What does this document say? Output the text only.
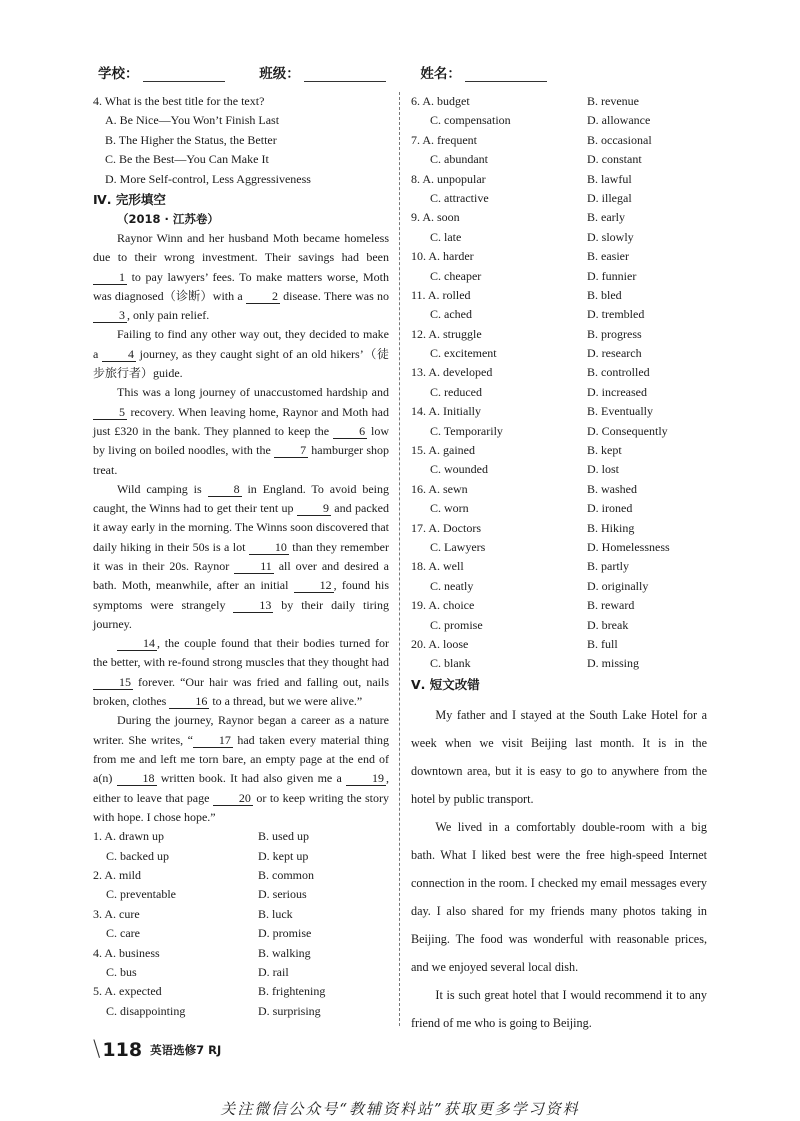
学校：	班级：	姓名：
4. What is the best title for the text?
A. Be Nice—You Won’t Finish Last
B. The Higher the Status, the Better
C. Be the Best—You Can Make It
D. More Self-control, Less Aggressiveness
Ⅳ. 完形填空
（2018 · 江苏卷）

Raynor Winn and her husband Moth became homeless due to their wrong investment. Their savings had been 1 to pay lawyers’ fees. To make matters worse, Moth was diagnosed（诊断）with a 2 disease. There was no 3 , only pain relief.

Failing to find any other way out, they decided to make a 4 journey, as they caught sight of an old hikers’（徒步旅行者）guide.

This was a long journey of unaccustomed hardship and 5 recovery. When leaving home, Raynor and Moth had just £320 in the bank. They planned to keep the 6 low by living on boiled noodles, with the 7 hamburger shop treat.

Wild camping is 8 in England. To avoid being caught, the Winns had to get their tent up 9 and packed it away early in the morning. The Winns soon discovered that daily hiking in their 50s is a lot 10 than they remember it was in their 20s. Raynor 11 all over and desired a bath. Moth, meanwhile, after an initial 12 , found his symptoms were strangely 13 by their daily tiring journey.

14 , the couple found that their bodies turned for the better, with re-found strong muscles that they thought had 15 forever. “Our hair was fried and falling out, nails broken, clothes 16 to a thread, but we were alive.”

During the journey, Raynor began a career as a nature writer. She writes, “ 17 had taken every material thing from me and left me torn bare, an empty page at the end of a(n) 18 written book. It had also given me a 19 , either to leave that page 20 or to keep writing the story with hope. I chose hope.”

1. A. drawn up	B. used up
C. backed up	D. kept up
2. A. mild	B. common
C. preventable	D. serious
3. A. cure	B. luck
C. care	D. promise
4. A. business	B. walking
C. bus	D. rail
5. A. expected	B. frightening
C. disappointing	D. surprising
6. A. budget	B. revenue
C. compensation	D. allowance
7. A. frequent	B. occasional
C. abundant	D. constant
8. A. unpopular	B. lawful
C. attractive	D. illegal
9. A. soon	B. early
C. late	D. slowly
10. A. harder	B. easier
C. cheaper	D. funnier
11. A. rolled	B. bled
C. ached	D. trembled
12. A. struggle	B. progress
C. excitement	D. research
13. A. developed	B. controlled
C. reduced	D. increased
14. A. Initially	B. Eventually
C. Temporarily	D. Consequently
15. A. gained	B. kept
C. wounded	D. lost
16. A. sewn	B. washed
C. worn	D. ironed
17. A. Doctors	B. Hiking
C. Lawyers	D. Homelessness
18. A. well	B. partly
C. neatly	D. originally
19. A. choice	B. reward
C. promise	D. break
20. A. loose	B. full
C. blank	D. missing
Ⅴ. 短文改错

My father and I stayed at the South Lake Hotel for a week when we visit Beijing last month. It is in the downtown area, but it is easy to go to anywhere from the hotel by public transport.

We lived in a comfortably double-room with a big bath. What I liked best were the free high-speed Internet connection in the room. I checked my email messages every day. I also shared for my friends many photos taking in Beijing. The food was wonderful with reasonable prices, and we enjoyed several local dish.

It is such great hotel that I would recommend it to any friend of me who is going to Beijing.

\ 118 英语选修7 RJ
关注微信公众号“教辅资料站”获取更多学习资料
